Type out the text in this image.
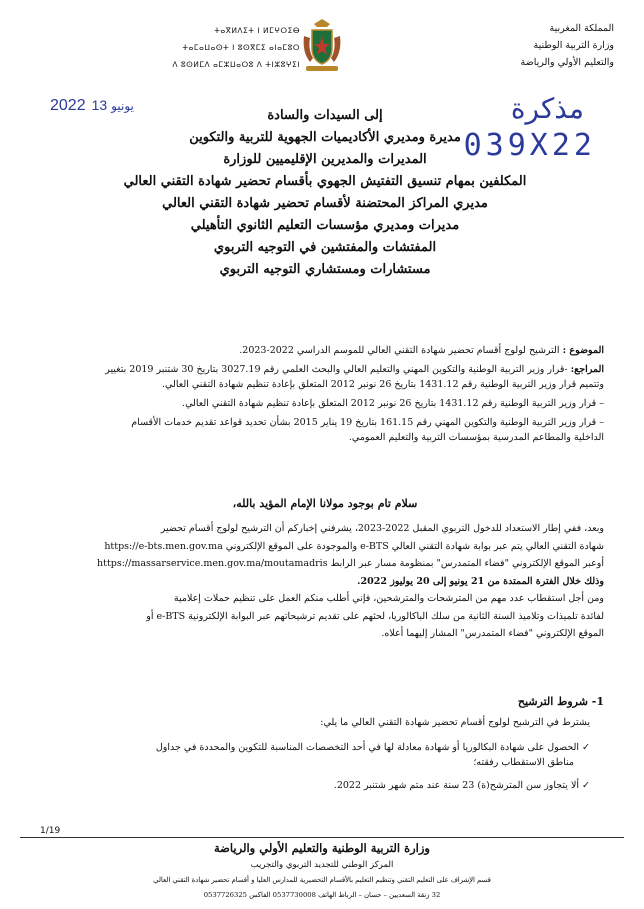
المملكة المغربية
وزارة التربية الوطنية
والتعليم الأولي والرياضة
ⵜⴰⴳⵍⴷⵉⵜ ⵏ ⵍⵎⵖⵔⵉⴱ
ⵜⴰⵎⴰⵡⴰⵙⵜ ⵏ ⵓⵙⴳⵎⵉ ⴰⵏⴰⵎⵓⵔ
ⴷ ⵓⵙⵍⵎⴷ ⴰⵎⵣⵡⴰⵔⵓ ⴷ ⵜⵏⵣⵓⵖⵉⵏ
2022 13 يونيو	مذكرة
039X22
إلى السيدات والسادة
مديرة ومديري الأكاديميات الجهوية للتربية والتكوين
المديرات والمديرين الإقليميين للوزارة
المكلفين بمهام تنسيق التفتيش الجهوي بأقسام تحضير شهادة التقني العالي
مديري المراكز المحتضنة لأقسام تحضير شهادة التقني العالي
مديرات ومديري مؤسسات التعليم الثانوي التأهيلي
المفتشات والمفتشين في التوجيه التربوي
مستشارات ومستشاري التوجيه التربوي
الموضوع : الترشيح لولوج أقسام تحضير شهادة التقني العالي للموسم الدراسي 2022-2023.
المراجع: -قرار وزير التربية الوطنية والتكوين المهني والتعليم العالي والبحث العلمي رقم 3027.19 بتاريخ 30 شتنبر 2019 بتغيير
وتتميم قرار وزير التربية الوطنية رقم 1431.12 بتاريخ 26 نونبر 2012 المتعلق بإعادة تنظيم شهادة التقني العالي.
– قرار وزير التربية الوطنية رقم 1431.12 بتاريخ 26 نونبر 2012 المتعلق بإعادة تنظيم شهادة التقني العالي.
– قرار وزير التربية الوطنية والتكوين المهني رقم 161.15 بتاريخ 19 يناير 2015 بشأن تحديد قواعد تقديم خدمات الأقسام
الداخلية والمطاعم المدرسية بمؤسسات التربية والتعليم العمومي.
سلام تام بوجود مولانا الإمام المؤيد بالله،
وبعد، ففي إطار الاستعداد للدخول التربوي المقبل 2022-2023، يشرفني إخباركم أن الترشيح لولوج أقسام تحضير
شهادة التقني العالي يتم عبر بوابة شهادة التقني العالي e-BTS والموجودة على الموقع الإلكتروني https://e-bts.men.gov.ma
أوعبر الموقع الإلكتروني "فضاء المتمدرس" بمنظومة مسار عبر الرابط https://massarservice.men.gov.ma/moutamadris
وذلك خلال الفترة الممتدة من 21 يونيو إلى 20 يوليوز 2022.
ومن أجل استقطاب عدد مهم من المترشحات والمترشحين، فإني أطلب منكم العمل على تنظيم حملات إعلامية
لفائدة تلميذات وتلاميذ السنة الثانية من سلك الباكالوريا، لحثهم على تقديم ترشيحاتهم عبر البوابة الإلكترونية e-BTS أو
الموقع الإلكتروني "فضاء المتمدرس" المشار إليهما أعلاه.
1- شروط الترشيح
يشترط في الترشيح لولوج أقسام تحضير شهادة التقني العالي ما يلي:
✓ الحصول على شهادة البكالوريا أو شهادة معادلة لها في أحد التخصصات المناسبة للتكوين والمحددة في جداول
مناطق الاستقطاب رفقته؛
✓ ألا يتجاوز سن المترشح(ة) 23 سنة عند متم شهر شتنبر 2022.
1/19
وزارة التربية الوطنية والتعليم الأولي والرياضة
المركز الوطني للتجديد التربوي والتجريب
قسم الإشراف على التعليم التقني وتنظيم التعليم بالأقسام التحضيرية للمدارس العليا و أقسام تحضير شهادة التقني العالي
32 زنقة السعديين – حسان – الرباط الهاتف 0537730008 الفاكس 0537726325
